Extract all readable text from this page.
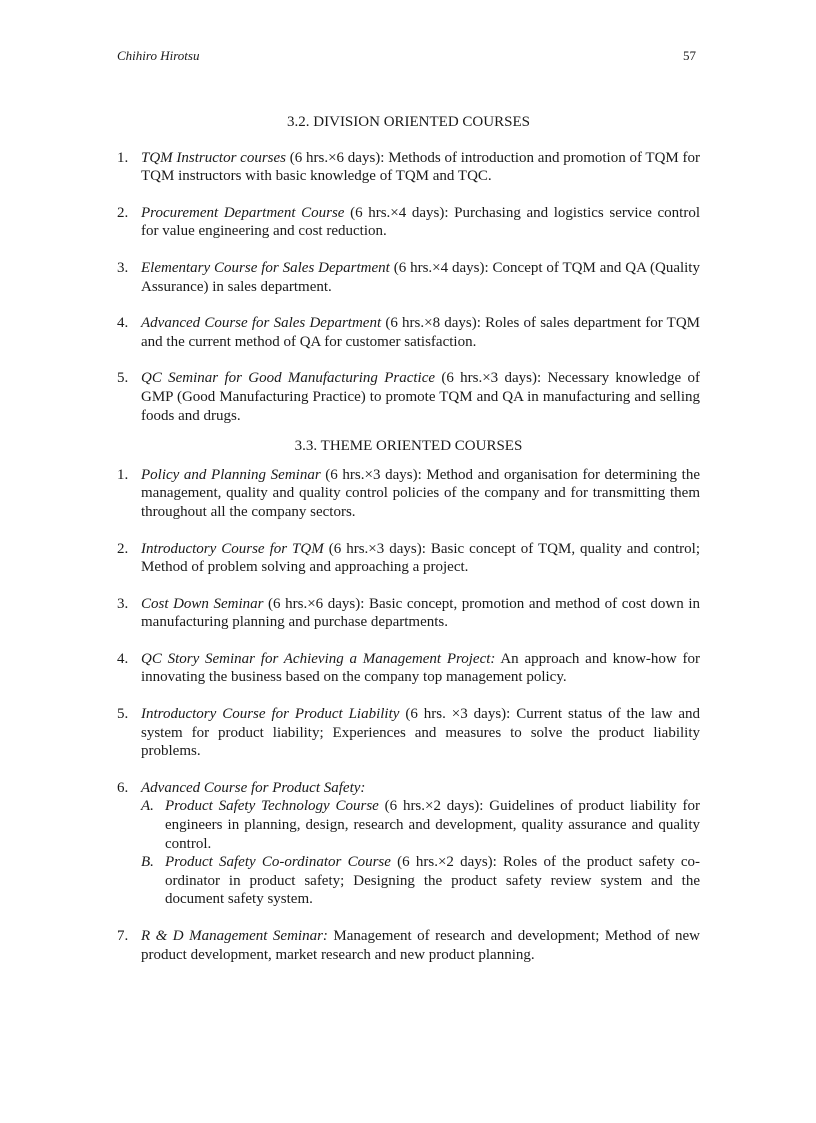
Chihiro Hirotsu	57
3.2. DIVISION ORIENTED COURSES
1. TQM Instructor courses (6 hrs.×6 days): Methods of introduction and promotion of TQM for TQM instructors with basic knowledge of TQM and TQC.
2. Procurement Department Course (6 hrs.×4 days): Purchasing and logistics service control for value engineering and cost reduction.
3. Elementary Course for Sales Department (6 hrs.×4 days): Concept of TQM and QA (Quality Assurance) in sales department.
4. Advanced Course for Sales Department (6 hrs.×8 days): Roles of sales department for TQM and the current method of QA for customer satisfaction.
5. QC Seminar for Good Manufacturing Practice (6 hrs.×3 days): Necessary knowledge of GMP (Good Manufacturing Practice) to promote TQM and QA in manufacturing and selling foods and drugs.
3.3. THEME ORIENTED COURSES
1. Policy and Planning Seminar (6 hrs.×3 days): Method and organisation for determining the management, quality and quality control policies of the company and for transmitting them throughout all the company sectors.
2. Introductory Course for TQM (6 hrs.×3 days): Basic concept of TQM, quality and control; Method of problem solving and approaching a project.
3. Cost Down Seminar (6 hrs.×6 days): Basic concept, promotion and method of cost down in manufacturing planning and purchase departments.
4. QC Story Seminar for Achieving a Management Project: An approach and know-how for innovating the business based on the company top management policy.
5. Introductory Course for Product Liability (6 hrs. ×3 days): Current status of the law and system for product liability; Experiences and measures to solve the product liability problems.
6. Advanced Course for Product Safety:
A. Product Safety Technology Course (6 hrs.×2 days): Guidelines of product liability for engineers in planning, design, research and development, quality assurance and quality control.
B. Product Safety Co-ordinator Course (6 hrs.×2 days): Roles of the product safety co-ordinator in product safety; Designing the product safety review system and the document safety system.
7. R & D Management Seminar: Management of research and development; Method of new product development, market research and new product planning.
